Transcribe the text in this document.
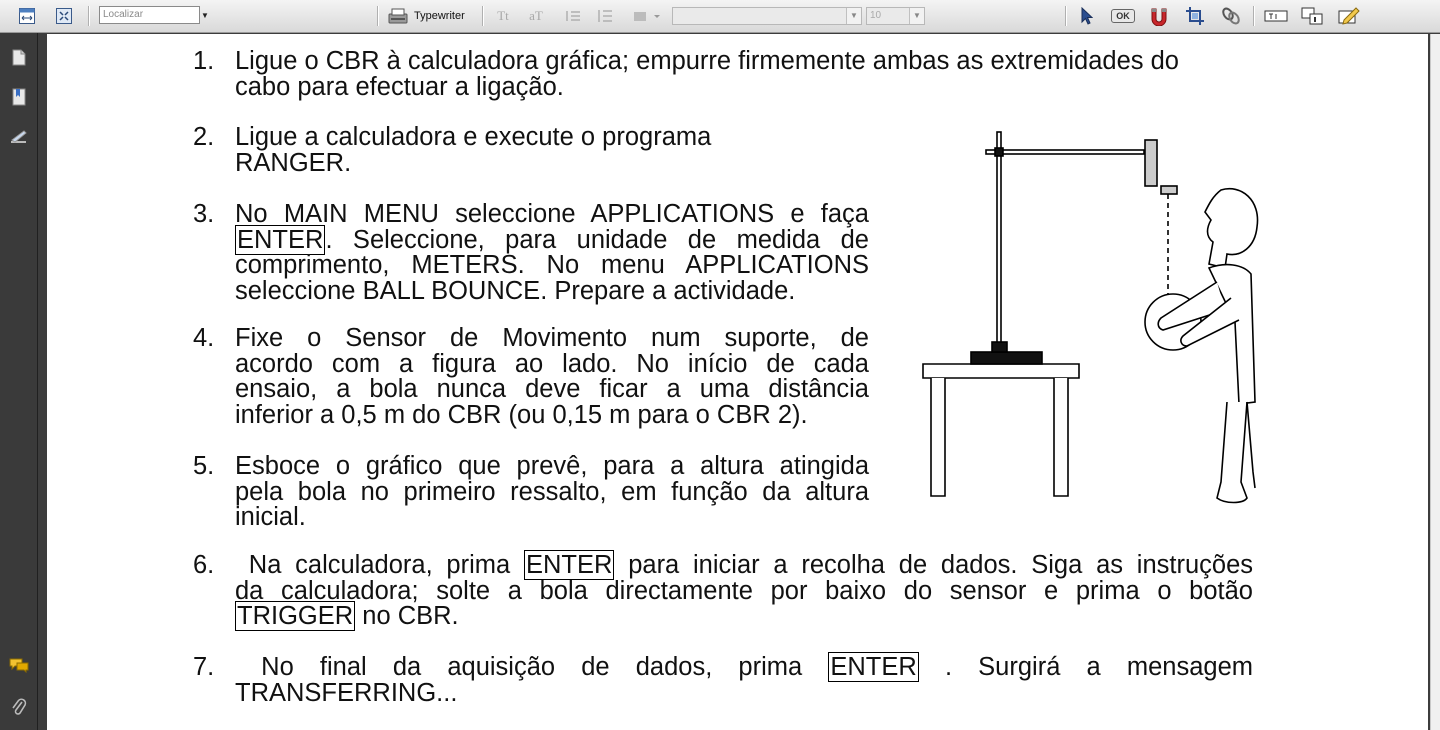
Localizar	▼	Typewriter Tt aT	▼	10	▼	OK
1. Ligue o CBR à calculadora gráfica; empurre firmemente ambas as extremidades do
cabo para efectuar a ligação.
2. Ligue a calculadora e execute o programa
RANGER.
3. No MAIN MENU seleccione APPLICATIONS e faça
ENTER. Seleccione, para unidade de medida de
comprimento, METERS. No menu APPLICATIONS
seleccione BALL BOUNCE. Prepare a actividade.
4. Fixe o Sensor de Movimento num suporte, de
acordo com a figura ao lado. No início de cada
ensaio, a bola nunca deve ficar a uma distância
inferior a 0,5 m do CBR (ou 0,15 m para o CBR 2).
5. Esboce o gráfico que prevê, para a altura atingida
pela bola no primeiro ressalto, em função da altura
inicial.
6. Na calculadora, prima ENTER para iniciar a recolha de dados. Siga as instruções
da calculadora; solte a bola directamente por baixo do sensor e prima o botão
TRIGGER no CBR.
7. No final da aquisição de dados, prima ENTER . Surgirá a mensagem
TRANSFERRING...
